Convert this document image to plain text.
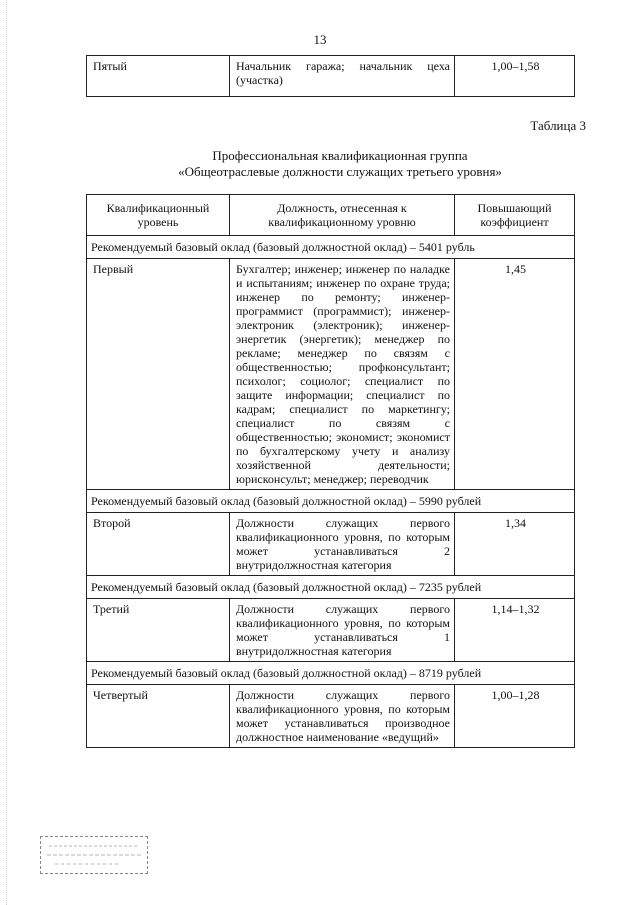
13
Пятый	Начальник гаража; начальник цеха (участка)	1,00–1,58
Таблица 3
Профессиональная квалификационная группа
«Общеотраслевые должности служащих третьего уровня»
Квалификационный уровень	Должность, отнесенная к квалификационному уровню	Повышающий коэффициент
Рекомендуемый базовый оклад (базовый должностной оклад) – 5401 рубль		
Первый	Бухгалтер; инженер; инженер по наладке и испытаниям; инженер по охране труда; инженер по ремонту; инженер-программист (программист); инженер-электроник (электроник); инженер-энергетик (энергетик); менеджер по рекламе; менеджер по связям с общественностью; профконсультант; психолог; социолог; специалист по защите информации; специалист по кадрам; специалист по маркетингу; специалист по связям с общественностью; экономист; экономист по бухгалтерскому учету и анализу хозяйственной деятельности; юрисконсульт; менеджер; переводчик	1,45
Рекомендуемый базовый оклад (базовый должностной оклад) – 5990 рублей		
Второй	Должности служащих первого квалификационного уровня, по которым может устанавливаться 2 внутридолжностная категория	1,34
Рекомендуемый базовый оклад (базовый должностной оклад) – 7235 рублей		
Третий	Должности служащих первого квалификационного уровня, по которым может устанавливаться 1 внутридолжностная категория	1,14–1,32
Рекомендуемый базовый оклад (базовый должностной оклад) – 8719 рублей		
Четвертый	Должности служащих первого квалификационного уровня, по которым может устанавливаться производное должностное наименование «ведущий»	1,00–1,28
